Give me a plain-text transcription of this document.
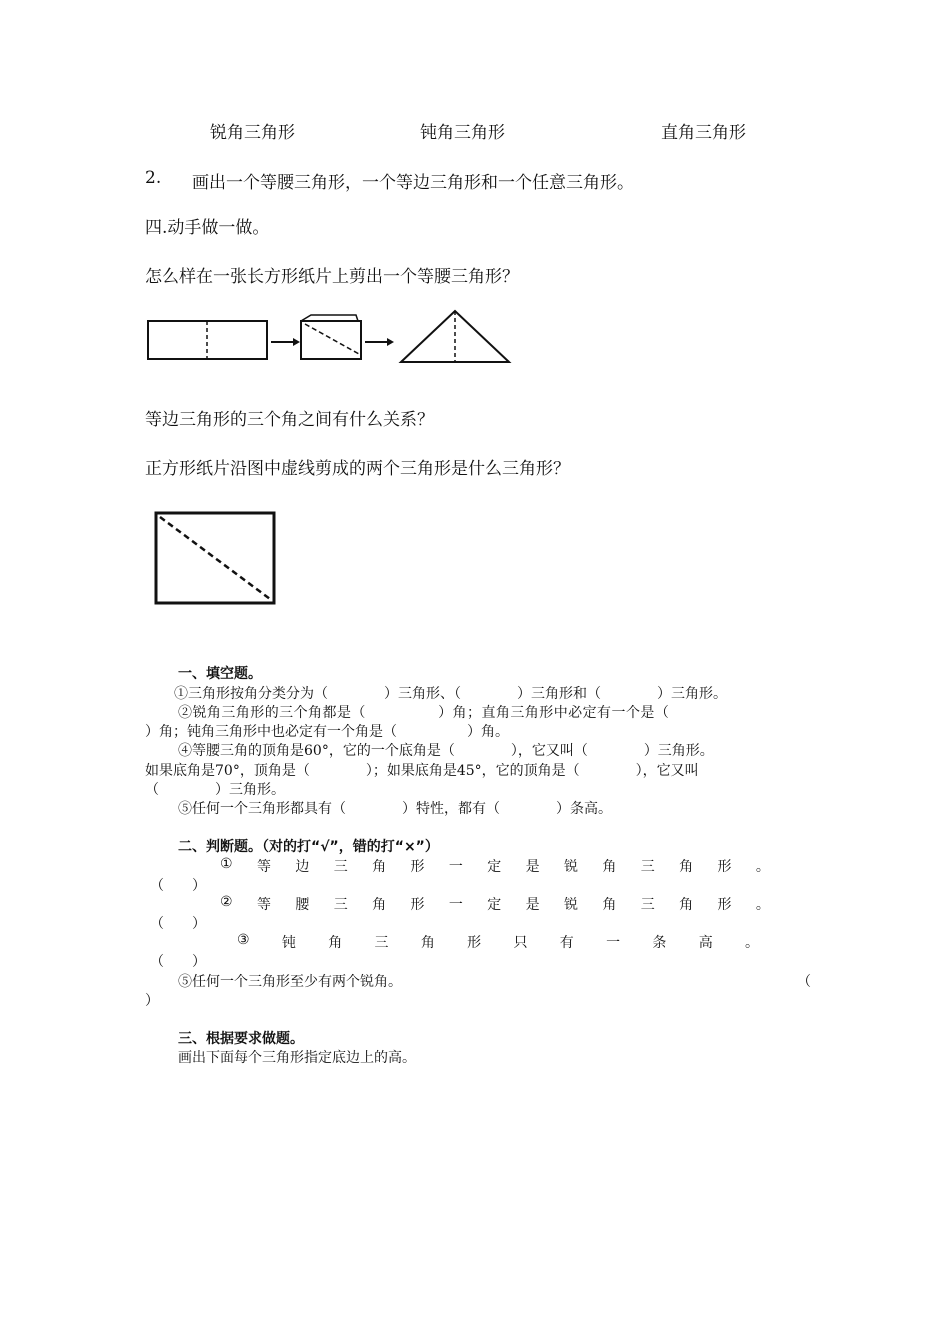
锐角三角形	钝角三角形	直角三角形
2. 画出一个等腰三角形，一个等边三角形和一个任意三角形。
四.动手做一做。
怎么样在一张长方形纸片上剪出一个等腰三角形？
等边三角形的三个角之间有什么关系？
正方形纸片沿图中虚线剪成的两个三角形是什么三角形？
一、填空题。
①三角形按角分类分为（　　　　）三角形、（　　　　）三角形和（　　　　）三角形。
②锐角三角形的三个角都是（　　　　　）角；直角三角形中必定有一个是（
）角；钝角三角形中也必定有一个角是（　　　　　）角。
④等腰三角的顶角是60°，它的一个底角是（　　　　），它又叫（　　　　）三角形。
如果底角是70°，顶角是（　　　　）；如果底角是45°，它的顶角是（　　　　），它又叫
（　　　　）三角形。
⑤任何一个三角形都具有（　　　　）特性，都有（　　　　）条高。
二、判断题。（对的打“√”，错的打“×”）
① 等 边 三 角 形 一 定 是 锐 角 三 角 形 。
（　　）
② 等 腰 三 角 形 一 定 是 锐 角 三 角 形 。
（　　）
③ 钝 角 三 角 形 只 有 一 条 高 。
（　　）
⑤任何一个三角形至少有两个锐角。	（
）
三、根据要求做题。
画出下面每个三角形指定底边上的高。
